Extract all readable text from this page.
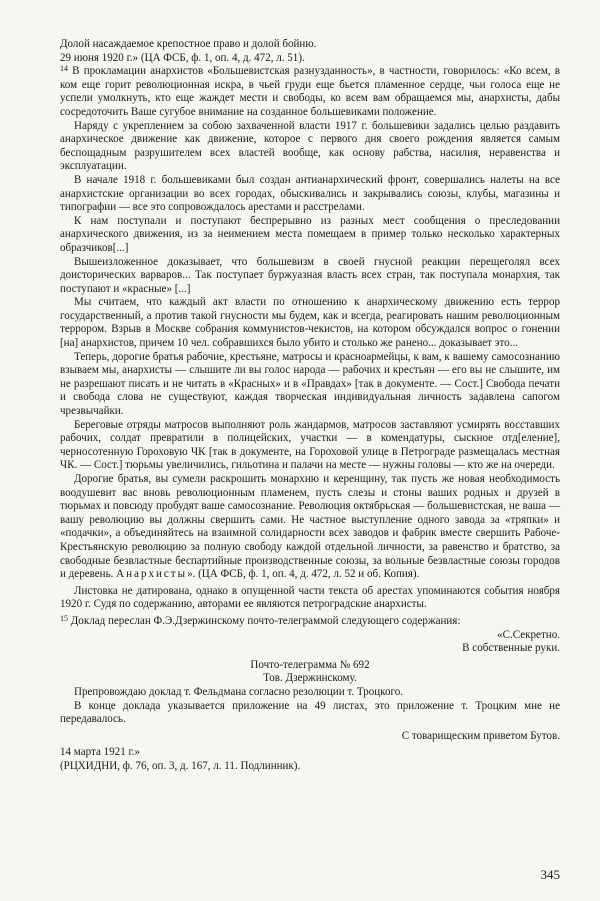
Долой насаждаемое крепостное право и долой бойню.

29 июня 1920 г.» (ЦА ФСБ, ф. 1, оп. 4, д. 472, л. 51).

$^{14}$ В прокламации анархистов «Большевистская разнузданность», в частности, говорилось: «Ко всем, в ком еще горит революционная искра, в чьей груди еще бьется пламенное сердце, чьи голоса еще не успели умолкнуть, кто еще жаждет мести и свободы, ко всем вам обращаемся мы, анархисты, дабы сосредоточить Ваше сугубое внимание на созданное большевиками положение.

Наряду с укреплением за собою захваченной власти 1917 г. большевики задались целью раздавить анархическое движение как движение, которое с первого дня своего рождения является самым беспощадным разрушителем всех властей вообще, как основу рабства, насилия, неравенства и эксплуатации.

В начале 1918 г. большевиками был создан антианархический фронт, совершались налеты на все анархистские организации во всех городах, обыскивались и закрывались союзы, клубы, магазины и типографии — все это сопровождалось арестами и расстрелами.

К нам поступали и поступают беспрерывно из разных мест сообщения о преследовании анархического движения, из за неимением места помещаем в пример только несколько характерных образчиков[...]

Вышеизложенное доказывает, что большевизм в своей гнусной реакции перещеголял всех доисторических варваров... Так поступает буржуазная власть всех стран, так поступала монархия, так поступают и «красные» [...]

Мы считаем, что каждый акт власти по отношению к анархическому движению есть террор государственный, а против такой гнусности мы будем, как и всегда, реагировать нашим революционным террором. Взрыв в Москве собрания коммунистов-чекистов, на котором обсуждался вопрос о гонении [на] анархистов, причем 10 чел. собравшихся было убито и столько же ранено... доказывает это...

Теперь, дорогие братья рабочие, крестьяне, матросы и красноармейцы, к вам, к вашему самосознанию взываем мы, анархисты — слышите ли вы голос народа — рабочих и крестьян — его вы не слышите, им не разрешают писать и не читать в «Красных» и в «Правдах» [так в документе. — Сост.] Свобода печати и свобода слова не существуют, каждая творческая индивидуальная личность задавлена сапогом чрезвычайки.

Береговые отряды матросов выполняют роль жандармов, матросов заставляют усмирять восставших рабочих, солдат превратили в полицейских, участки — в комендатуры, сыскное отд[еление], черносотенную Гороховую ЧК [так в документе, на Гороховой улице в Петрограде размещалась местная ЧК. — Сост.] тюрьмы увеличились, гильотина и палачи на месте — нужны головы — кто же на очереди.

Дорогие братья, вы сумели раскрошить монархию и керенщину, так пусть же новая необходимость воодушевит вас вновь революционным пламенем, пусть слезы и стоны ваших родных и друзей в тюрьмах и повсюду пробудят ваше самосознание. Революция октябрьская — большевистская, не ваша — вашу революцию вы должны свершить сами. Не частное выступление одного завода за «тряпки» и «подачки», а объединяйтесь на взаимной солидарности всех заводов и фабрик вместе свершить Рабоче-Крестьянскую революцию за полную свободу каждой отдельной личности, за равенство и братство, за свободные безвластные беспартийные производственные союзы, за вольные безвластные союзы городов и деревень. Анархисты». (ЦА ФСБ, ф. 1, оп. 4, д. 472, л. 52 и об. Копия).

Листовка не датирована, однако в опущенной части текста об арестах упоминаются события ноября 1920 г. Судя по содержанию, авторами ее являются петроградские анархисты.

$^{15}$ Доклад переслан Ф.Э.Дзержинскому почто-телеграммой следующего содержания:

«С.Секретно.

В собственные руки.

Почто-телеграмма № 692

Тов. Дзержинскому.

Препровождаю доклад т. Фельдмана согласно резолюции т. Троцкого.

В конце доклада указывается приложение на 49 листах, это приложение т. Троцким мне не передавалось.

С товарищеским приветом Бутов.

14 марта 1921 г.»

(РЦХИДНИ, ф. 76, оп. 3, д. 167, л. 11. Подлинник).

345
